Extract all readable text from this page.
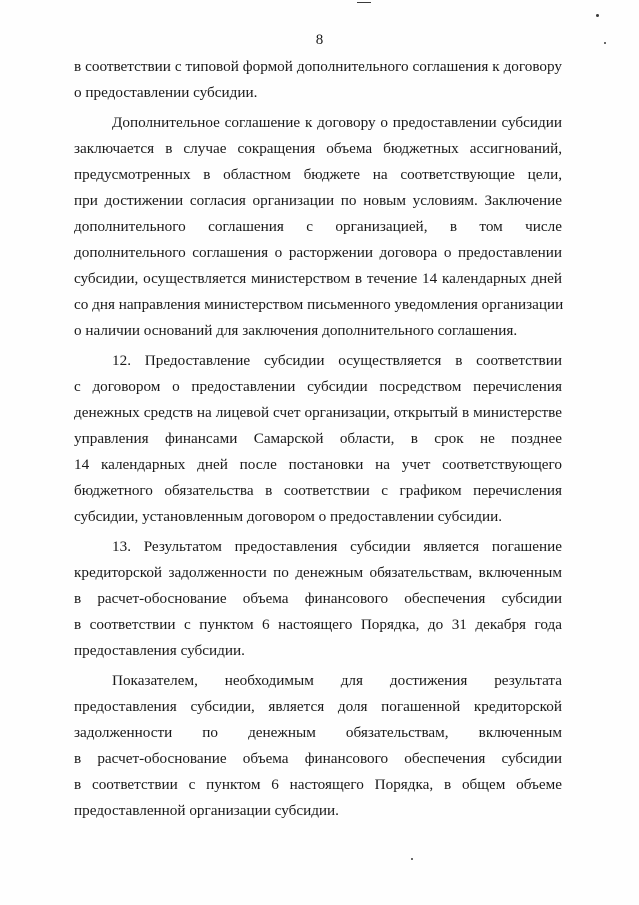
8
в соответствии с типовой формой дополнительного соглашения к договору
о предоставлении субсидии.
Дополнительное соглашение к договору о предоставлении субсидии
заключается в случае сокращения объема бюджетных ассигнований,
предусмотренных в областном бюджете на соответствующие цели,
при достижении согласия организации по новым условиям. Заключение
дополнительного соглашения с организацией, в том числе
дополнительного соглашения о расторжении договора о предоставлении
субсидии, осуществляется министерством в течение 14 календарных дней
со дня направления министерством письменного уведомления организации
о наличии оснований для заключения дополнительного соглашения.
12. Предоставление субсидии осуществляется в соответствии
с договором о предоставлении субсидии посредством перечисления
денежных средств на лицевой счет организации, открытый в министерстве
управления финансами Самарской области, в срок не позднее
14 календарных дней после постановки на учет соответствующего
бюджетного обязательства в соответствии с графиком перечисления
субсидии, установленным договором о предоставлении субсидии.
13. Результатом предоставления субсидии является погашение
кредиторской задолженности по денежным обязательствам, включенным
в расчет-обоснование объема финансового обеспечения субсидии
в соответствии с пунктом 6 настоящего Порядка, до 31 декабря года
предоставления субсидии.
Показателем, необходимым для достижения результата
предоставления субсидии, является доля погашенной кредиторской
задолженности по денежным обязательствам, включенным
в расчет-обоснование объема финансового обеспечения субсидии
в соответствии с пунктом 6 настоящего Порядка, в общем объеме
предоставленной организации субсидии.
